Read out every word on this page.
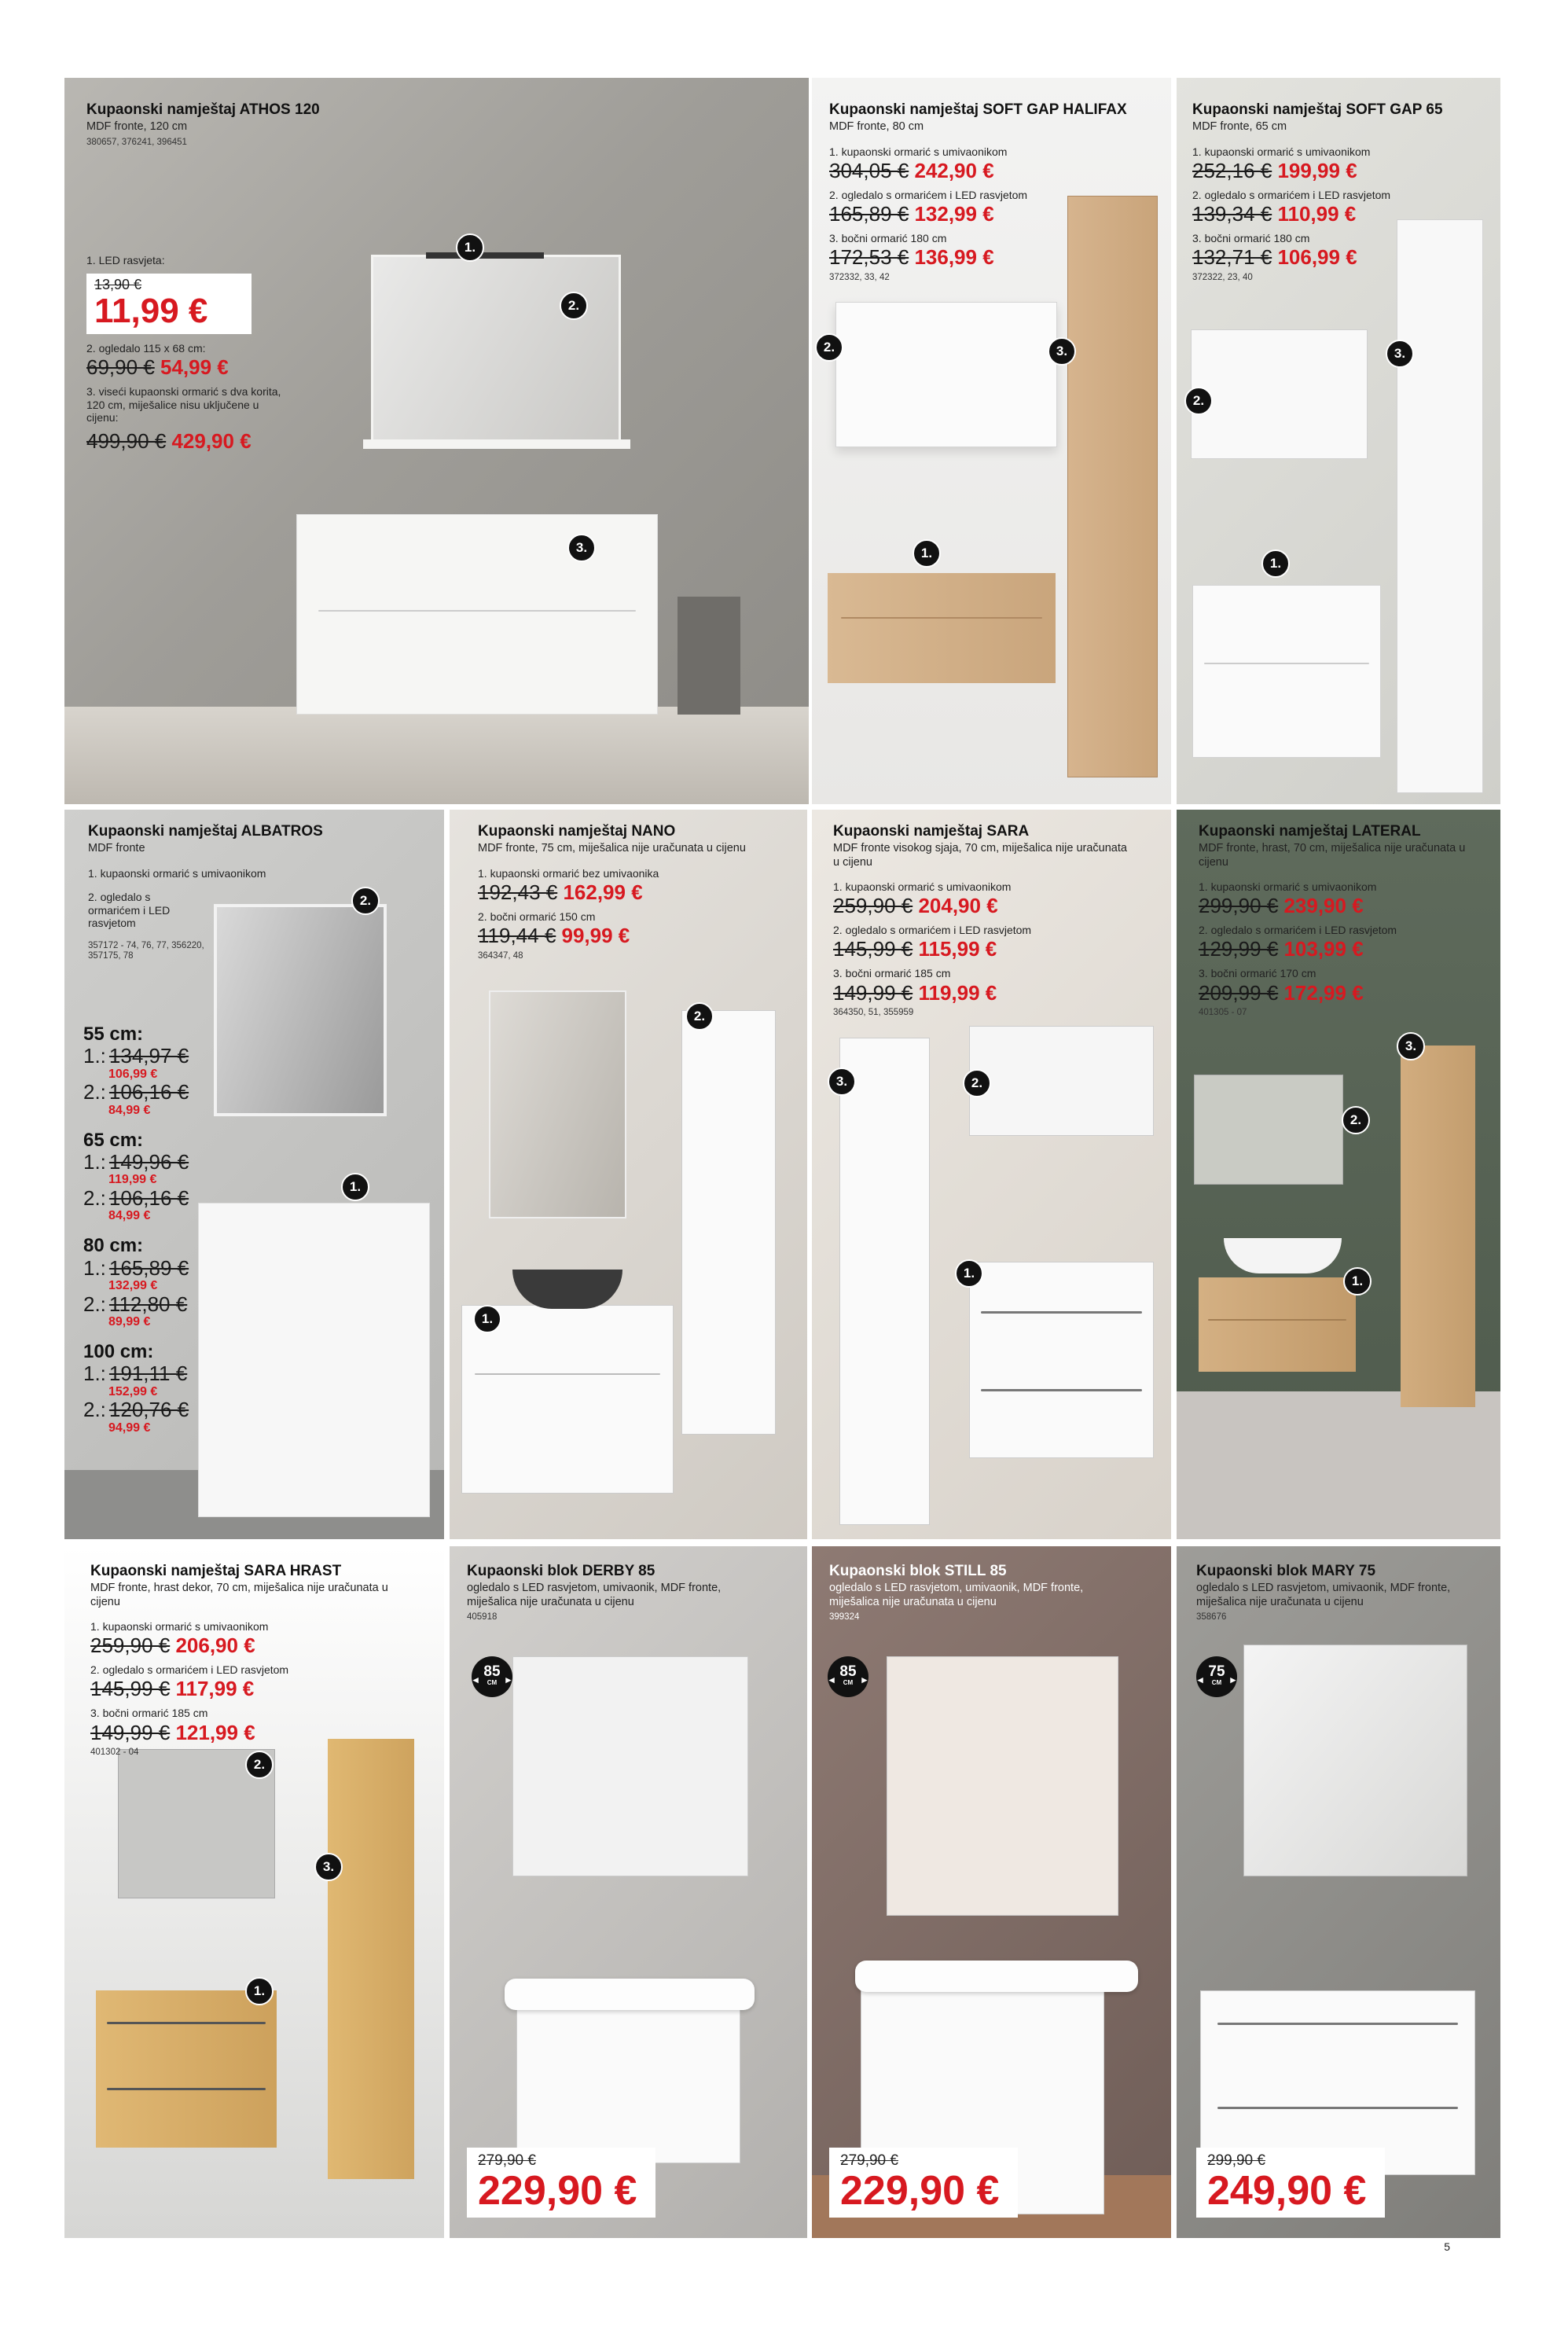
Kupaonski namještaj ATHOS 120
MDF fronte, 120 cm
380657, 376241, 396451
1. LED rasvjeta:
13,90 €
11,99 €
2. ogledalo 115 x 68 cm:
69,90 € 54,99 €
3. viseći kupaonski ormarić s dva korita, 120 cm, miješalice nisu uključene u cijenu:
499,90 € 429,90 €
1.
2.
3.
Kupaonski namještaj SOFT GAP HALIFAX
MDF fronte, 80 cm
1. kupaonski ormarić s umivaonikom
304,05 € 242,90 €
2. ogledalo s ormarićem i LED rasvjetom
165,89 € 132,99 €
3. bočni ormarić 180 cm
172,53 € 136,99 €
372332, 33, 42
1.
2.	3.
Kupaonski namještaj SOFT GAP 65
MDF fronte, 65 cm
1. kupaonski ormarić s umivaonikom
252,16 € 199,99 €
2. ogledalo s ormarićem i LED rasvjetom
139,34 € 110,99 €
3. bočni ormarić 180 cm
132,71 € 106,99 €
372322, 23, 40
1.
2.
3.
Kupaonski namještaj ALBATROS
MDF fronte
1. kupaonski ormarić s umivaonikom
2. ogledalo s ormarićem i LED rasvjetom
357172 - 74, 76, 77, 356220, 357175, 78
55 cm:
1.: 134,97 €
106,99 €
2.: 106,16 €
84,99 €
65 cm:
1.: 149,96 €
119,99 €
2.: 106,16 €
84,99 €
80 cm:
1.: 165,89 €
132,99 €
2.: 112,80 €
89,99 €
100 cm:
1.: 191,11 €
152,99 €
2.: 120,76 €
94,99 €
1.
2.
Kupaonski namještaj NANO
MDF fronte, 75 cm, miješalica nije uračunata u cijenu
1. kupaonski ormarić bez umivaonika
192,43 € 162,99 €
2. bočni ormarić 150 cm
119,44 € 99,99 €
364347, 48
1.
2.
Kupaonski namještaj SARA
MDF fronte visokog sjaja, 70 cm, miješalica nije uračunata u cijenu
1. kupaonski ormarić s umivaonikom
259,90 € 204,90 €
2. ogledalo s ormarićem i LED rasvjetom
145,99 € 115,99 €
3. bočni ormarić 185 cm
149,99 € 119,99 €
364350, 51, 355959
1.
2.
3.
Kupaonski namještaj LATERAL
MDF fronte, hrast, 70 cm, miješalica nije uračunata u cijenu
1. kupaonski ormarić s umivaonikom
299,90 € 239,90 €
2. ogledalo s ormarićem i LED rasvjetom
129,99 € 103,99 €
3. bočni ormarić 170 cm
209,99 € 172,99 €
401305 - 07
1.
2.
3.
Kupaonski namještaj SARA HRAST
MDF fronte, hrast dekor, 70 cm, miješalica nije uračunata u cijenu
1. kupaonski ormarić s umivaonikom
259,90 € 206,90 €
2. ogledalo s ormarićem i LED rasvjetom
145,99 € 117,99 €
3. bočni ormarić 185 cm
149,99 € 121,99 €
401302 - 04
1.
2.
3.
Kupaonski blok DERBY 85
ogledalo s LED rasvjetom, umivaonik, MDF fronte, miješalica nije uračunata u cijenu
405918
◂ 85
CM ▸
279,90 €
229,90 €
Kupaonski blok STILL 85
ogledalo s LED rasvjetom, umivaonik, MDF fronte, miješalica nije uračunata u cijenu
399324
◂ 85
CM ▸
279,90 €
229,90 €
Kupaonski blok MARY 75
ogledalo s LED rasvjetom, umivaonik, MDF fronte, miješalica nije uračunata u cijenu
358676
◂ 75
CM ▸
299,90 €
249,90 €
5
